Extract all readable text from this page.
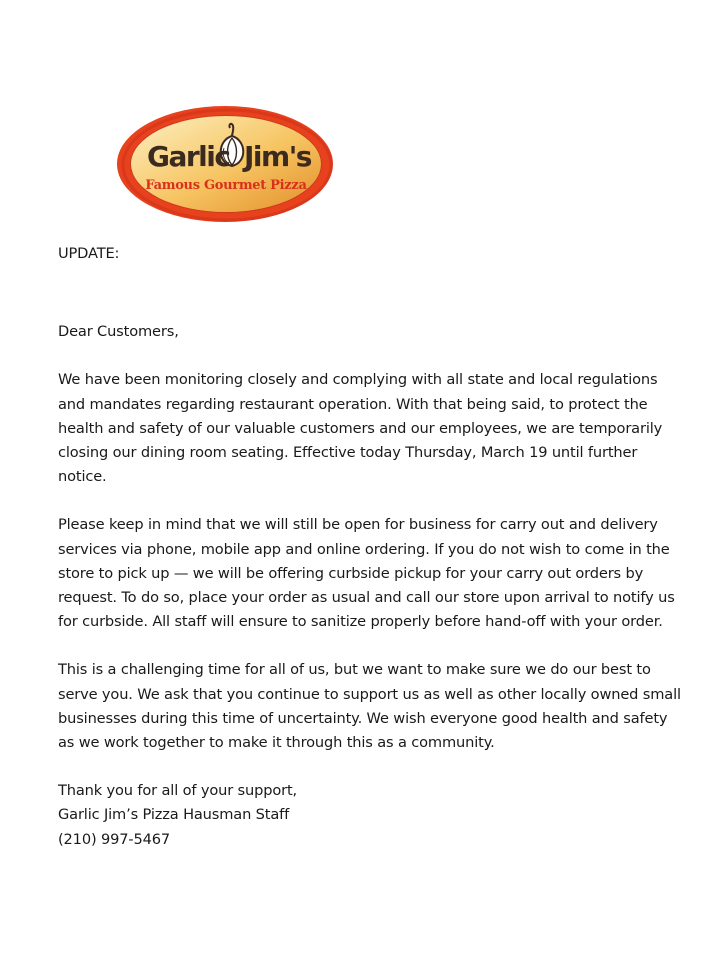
Garlic Jim's
Famous Gourmet Pizza

UPDATE:

Dear Customers,

We have been monitoring closely and complying with all state and local regulations and mandates regarding restaurant operation. With that being said, to protect the health and safety of our valuable customers and our employees, we are temporarily closing our dining room seating. Effective today Thursday, March 19 until further notice.

Please keep in mind that we will still be open for business for carry out and delivery services via phone, mobile app and online ordering. If you do not wish to come in the store to pick up — we will be offering curbside pickup for your carry out orders by request. To do so, place your order as usual and call our store upon arrival to notify us for curbside. All staff will ensure to sanitize properly before hand-off with your order.

This is a challenging time for all of us, but we want to make sure we do our best to serve you. We ask that you continue to support us as well as other locally owned small businesses during this time of uncertainty. We wish everyone good health and safety as we work together to make it through this as a community.

Thank you for all of your support,

Garlic Jim’s Pizza Hausman Staff

(210) 997-5467
